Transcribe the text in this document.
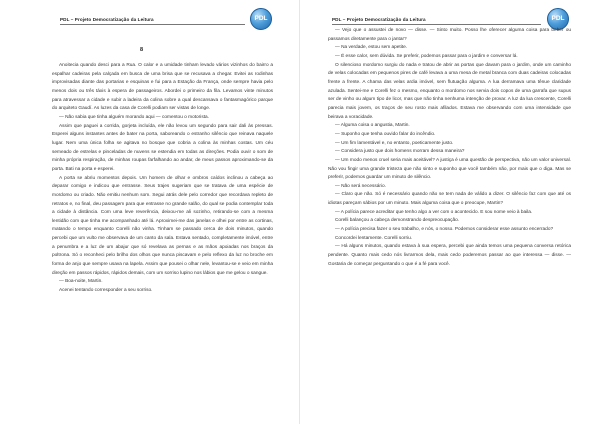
PDL – Projeto Democratização da Leitura	PDL
8

Anoitecia quando desci para a Rua. O calor e a umidade tinham levado vários vizinhos do bairro a espalhar cadeiras pela calçada em busca de uma brisa que se recusava a chegar. Evitei as rodinhas improvisadas diante das portarias e esquinas e fui para a Estação da França, onde sempre havia pelo menos dois ou três táxis à espera de passageiros. Abordei o primeiro da fila. Levamos vinte minutos para atravessar a cidade e subir a ladeira da colina sobre a qual descansava o fantasmagórico parque do arquiteto Gaudí. As luzes da casa de Corelli podiam ser vistas de longe.

— Não sabia que tinha alguém morando aqui — comentou o motorista.

Assim que paguei a corrida, gorjeta incluída, ele não levou um segundo para sair dali às pressas. Esperei alguns instantes antes de bater na porta, saboreando o estranho silêncio que reinava naquele lugar. Nem uma única folha se agitava no bosque que cobria a colina às minhas costas. Um céu semeado de estrelas e pinceladas de nuvens se estendia em todas as direções. Podia ouvir o som de minha própria respiração, de minhas roupas farfalhando ao andar, de meus passos aproximando-se da porta. Bati na porta e esperei.

A porta se abriu momentos depois. Um homem de olhar e ombros caídos inclinou a cabeça ao deparar comigo e indicou que entrasse. Seus trajes sugeriam que se tratava de uma espécie de mordomo ou criado. Não emitiu nenhum som. Segui atrás dele pelo corredor que recordava repleto de retratos e, no final, deu passagem para que entrasse no grande salão, do qual se podia contemplar toda a cidade à distância. Com uma leve reverência, deixou-me ali sozinho, retirando-se com a mesma lentidão com que tinha me acompanhado até lá. Aproximei-me das janelas e olhei por entre as cortinas, matando o tempo enquanto Corelli não vinha. Tinham se passado cerca de dois minutos, quando percebi que um vulto me observava de um canto da sala. Estava sentado, completamente imóvel, entre a penumbra e a luz de um abajur que só revelava as pernas e as mãos apoiadas nos braços da poltrona. Só o reconheci pelo brilho dos olhos que nunca piscavam e pelo reflexo da luz no broche em forma de anjo que sempre usava na lapela. Assim que pousei o olhar nele, levantou-se e veio em minha direção em passos rápidos, rápidos demais, com um sorriso lupino nos lábios que me gelou o sangue.

— Boa-noite, Martin.

Acenei tentando corresponder a seu sorriso.

PDL – Projeto Democratização da Leitura	PDL

— Vejo que o assustei de novo — disse. — Sinto muito. Posso lhe oferecer alguma coisa para beber ou passamos diretamente para o jantar?

— Na verdade, estou sem apetite.

— É esse calor, sem dúvida. Se preferir, podemos passar para o jardim e conversar lá.

O silencioso mordomo surgiu do nada e tratou de abrir as portas que davam para o jardim, onde um caminho de velas colocadas em pequenos pires de café levava a uma mesa de metal branca com duas cadeiras colocadas frente a frente. A chama das velas ardia imóvel, sem flutuação alguma. A lua derramava uma tênue claridade azulada. Sentei-me e Corelli fez o mesmo, enquanto o mordomo nos servia dois copos de uma garrafa que supus ser de vinho ou algum tipo de licor, mas que não tinha nenhuma intenção de provar. A luz da lua crescente, Corelli parecia mais jovem, os traços de seu rosto mais afilados. Estava me observando com uma intensidade que beirava a voracidade.

— Alguma coisa o angustia, Martin.

— Suponho que tenha ouvido falar do incêndio.

— Um fim lamentável e, no entanto, poeticamente justo.

— Considera justo que dois homens morram dessa maneira?

— Um modo menos cruel seria mais aceitável? A justiça é uma questão de perspectiva, não um valor universal. Não vou fingir uma grande tristeza que não sinto e suponho que você também não, por mais que o diga. Mas se preferir, podemos guardar um minuto de silêncio.

— Não será necessário.

— Claro que não. Só é necessário quando não se tem nada de válido a dizer. O silêncio faz com que até os idiotas pareçam sábios por um minuto. Mais alguma coisa que o preocupe, Martin?

— A polícia parece acreditar que tenho algo a ver com o acontecido. E sou nome veio à baila.

Corelli balançou a cabeça demonstrando despreocupação.

— A polícia precisa fazer o seu trabalho, e nós, o nosso. Podemos considerar esse assunto encerrado?

Concordei lentamente. Corelli sorriu.

— Há alguns minutos, quando estava à sua espera, percebi que ainda temos uma pequena conversa retórica pendente. Quanto mais cedo nós livrarmos dela, mais cedo poderemos passar ao que interessa — disse. — Gostaria de começar perguntando o que é a fé para você.
